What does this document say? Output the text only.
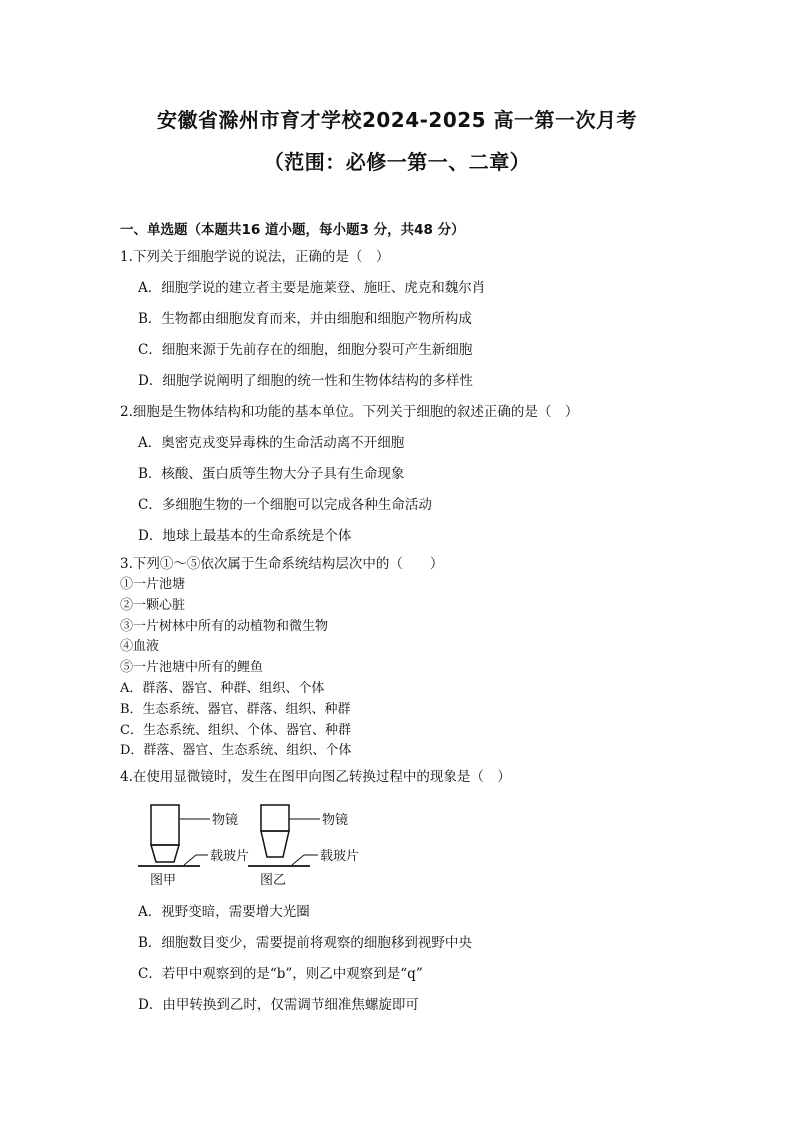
安徽省滁州市育才学校2024-2025 高一第一次月考
（范围：必修一第一、二章）
一、单选题（本题共16 道小题，每小题3 分，共48 分）
1.下列关于细胞学说的说法，正确的是（　）
A．细胞学说的建立者主要是施莱登、施旺、虎克和魏尔肖
B．生物都由细胞发育而来，并由细胞和细胞产物所构成
C．细胞来源于先前存在的细胞，细胞分裂可产生新细胞
D．细胞学说阐明了细胞的统一性和生物体结构的多样性
2.细胞是生物体结构和功能的基本单位。下列关于细胞的叙述正确的是（　）
A．奥密克戎变异毒株的生命活动离不开细胞
B．核酸、蛋白质等生物大分子具有生命现象
C．多细胞生物的一个细胞可以完成各种生命活动
D．地球上最基本的生命系统是个体
3.下列①～⑤依次属于生命系统结构层次中的（　　）
①一片池塘
②一颗心脏
③一片树林中所有的动植物和微生物
④血液
⑤一片池塘中所有的鲤鱼
A．群落、器官、种群、组织、个体
B．生态系统、器官、群落、组织、种群
C．生态系统、组织、个体、器官、种群
D．群落、器官、生态系统、组织、个体
4.在使用显微镜时，发生在图甲向图乙转换过程中的现象是（　）
物镜
载玻片
图甲
物镜
载玻片
图乙
A．视野变暗，需要增大光圈
B．细胞数目变少，需要提前将观察的细胞移到视野中央
C．若甲中观察到的是“b”，则乙中观察到是“q”
D．由甲转换到乙时，仅需调节细准焦螺旋即可
